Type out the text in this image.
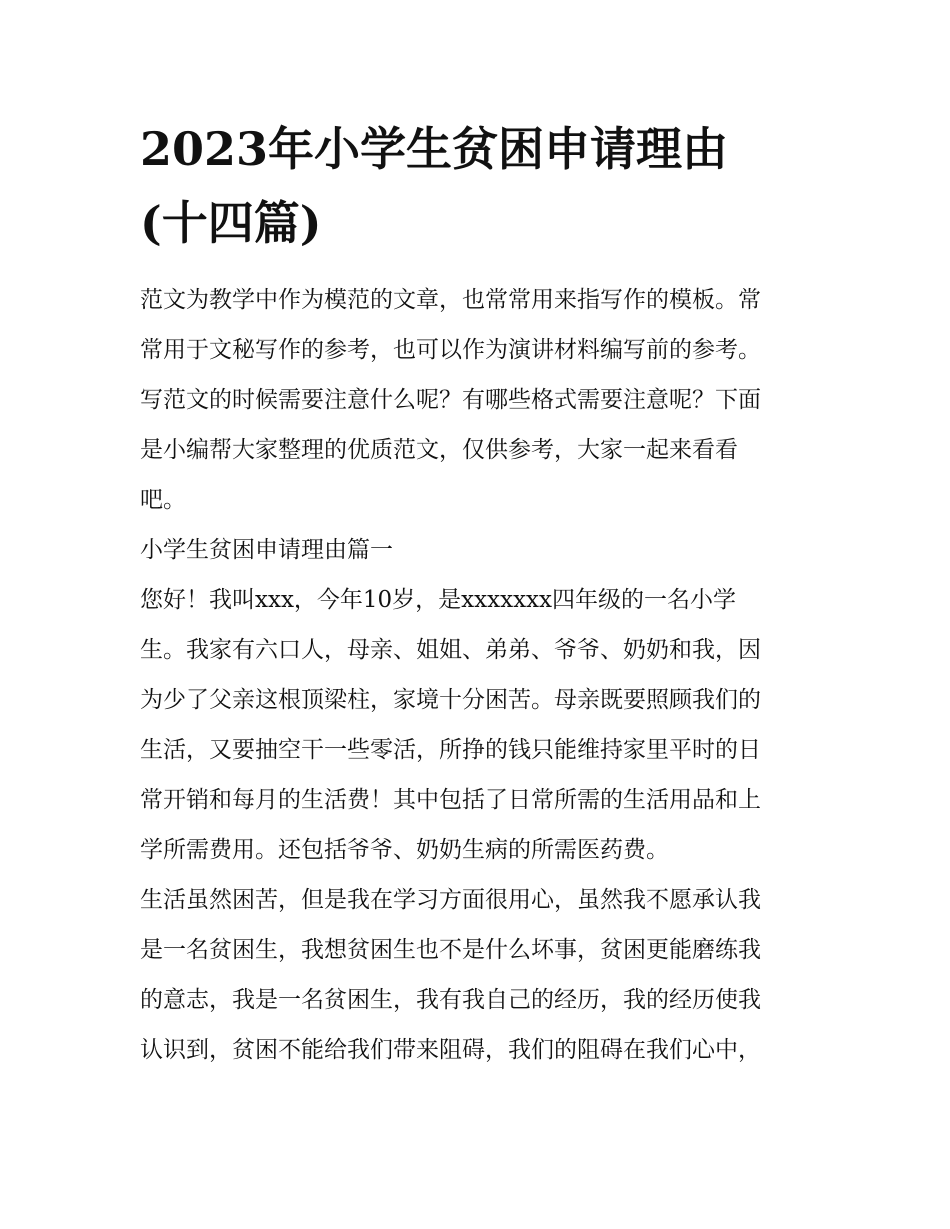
2023年小学生贫困申请理由
(十四篇)
范文为教学中作为模范的文章，也常常用来指写作的模板。常
常用于文秘写作的参考，也可以作为演讲材料编写前的参考。
写范文的时候需要注意什么呢？有哪些格式需要注意呢？下面
是小编帮大家整理的优质范文，仅供参考，大家一起来看看
吧。
小学生贫困申请理由篇一
您好！我叫xxx，今年10岁，是xxxxxxx四年级的一名小学
生。我家有六口人，母亲、姐姐、弟弟、爷爷、奶奶和我，因
为少了父亲这根顶梁柱，家境十分困苦。母亲既要照顾我们的
生活，又要抽空干一些零活，所挣的钱只能维持家里平时的日
常开销和每月的生活费！其中包括了日常所需的生活用品和上
学所需费用。还包括爷爷、奶奶生病的所需医药费。
生活虽然困苦，但是我在学习方面很用心，虽然我不愿承认我
是一名贫困生，我想贫困生也不是什么坏事，贫困更能磨练我
的意志，我是一名贫困生，我有我自己的经历，我的经历使我
认识到，贫困不能给我们带来阻碍，我们的阻碍在我们心中，
